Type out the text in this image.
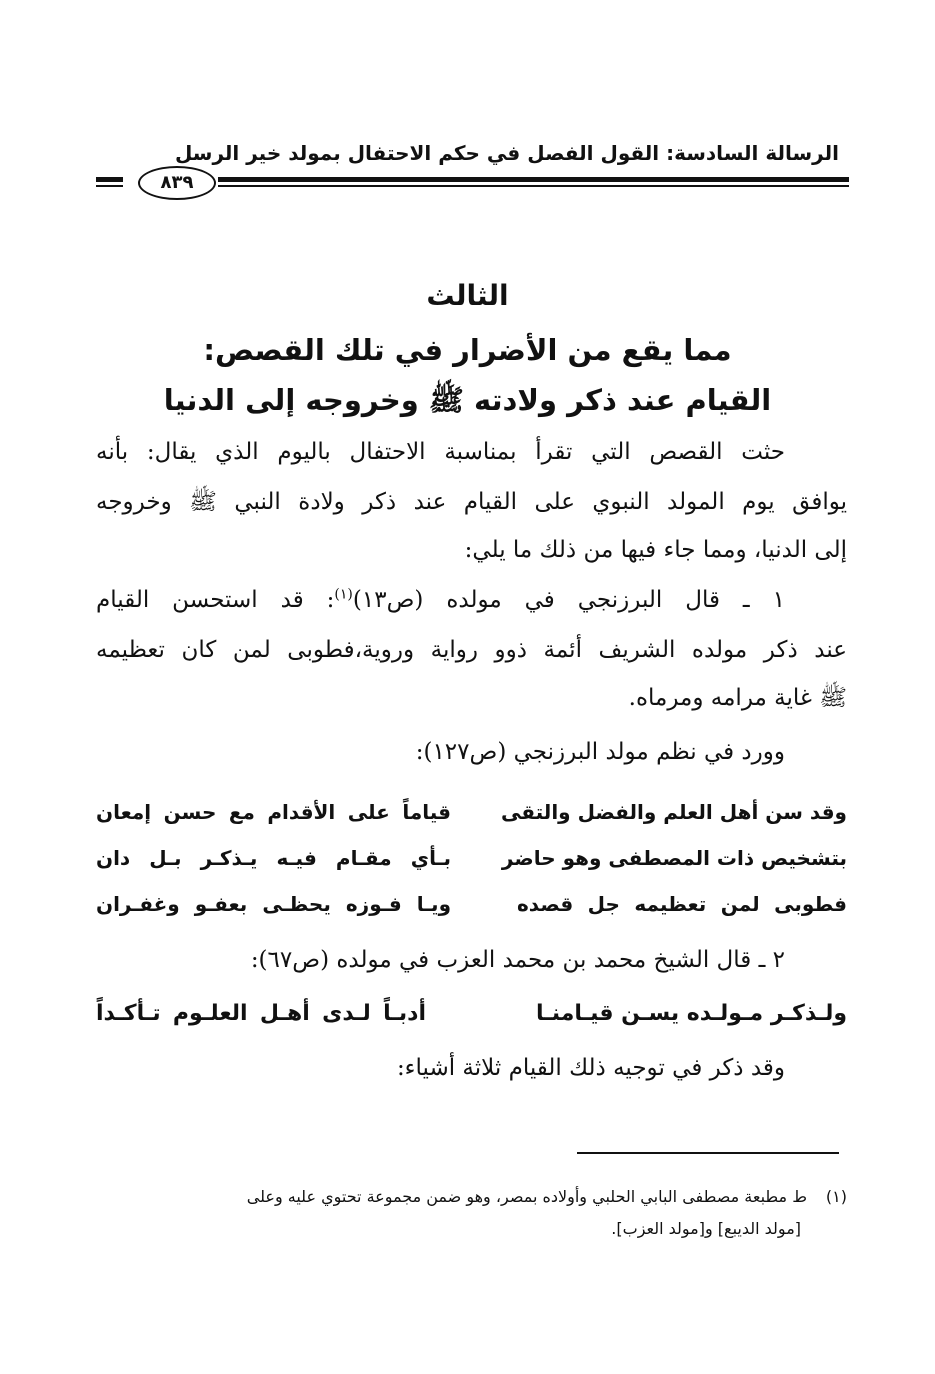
الرسالة السادسة: القول الفصل في حكم الاحتفال بمولد خير الرسل
٨٣٩
الثالث
مما يقع من الأضرار في تلك القصص:
القيام عند ذكر ولادته ﷺ وخروجه إلى الدنيا
حثت القصص التي تقرأ بمناسبة الاحتفال باليوم الذي يقال: بأنه
يوافق يوم المولد النبوي على القيام عند ذكر ولادة النبي ﷺ وخروجه
إلى الدنيا، ومما جاء فيها من ذلك ما يلي:
١ ـ قال البرزنجي في مولده (ص١٣)$^{(١)}$: قد استحسن القيام
عند ذكر مولده الشريف أئمة ذوو رواية وروية،فطوبى لمن كان تعظيمه
ﷺ غاية مرامه ومرماه.
وورد في نظم مولد البرزنجي (ص١٢٧):
وقد سن أهل العلم والفضل والتقى
قياماً على الأقدام مع حسن إمعان
بتشخيص ذات المصطفى وهو حاضر
بـأي مقـام فيـه يـذكـر بـل دان
فطوبى لمن تعظيمه جل قصده
ويـا فـوزه يحظـى بعفـو وغفـران
٢ ـ قال الشيخ محمد بن محمد العزب في مولده (ص٦٧):
ولـذكـر مـولـده يسـن قيـامنـا
أدبـاً لـدى أهـل العلـوم تـأكـداً
وقد ذكر في توجيه ذلك القيام ثلاثة أشياء:
(١)ط مطبعة مصطفى البابي الحلبي وأولاده بمصر، وهو ضمن مجموعة تحتوي عليه وعلى
[مولد الديبع] و[مولد العزب].
